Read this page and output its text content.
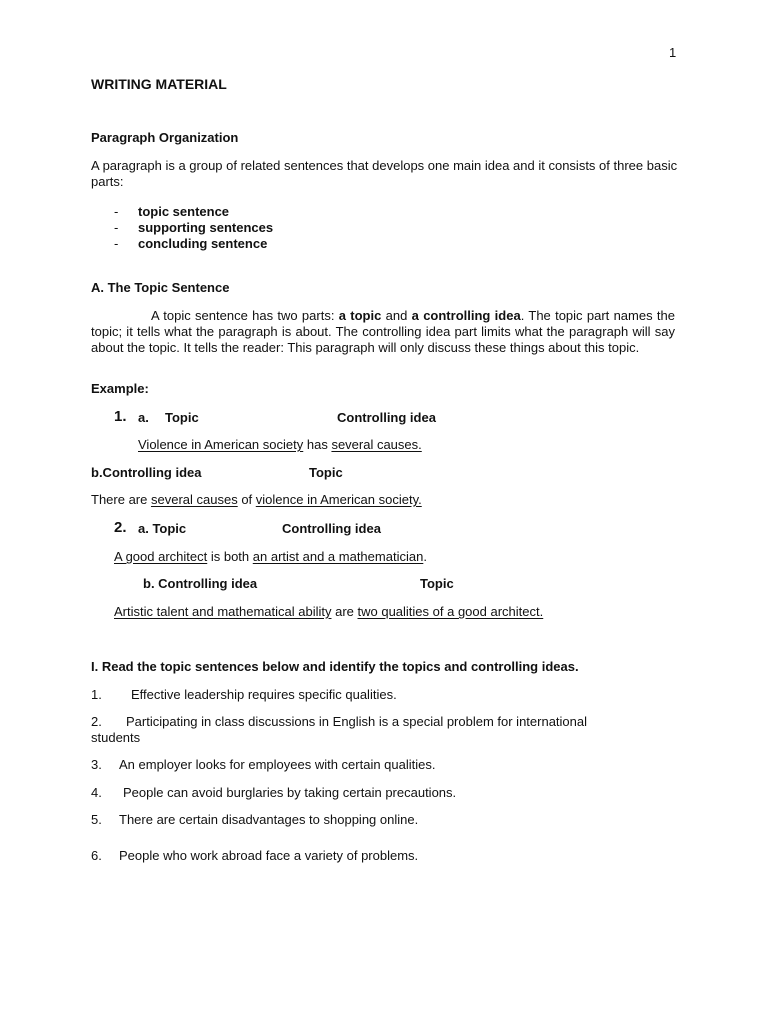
1
WRITING MATERIAL
Paragraph Organization
A paragraph is a group of related sentences that develops one main idea and it consists of three basic parts:
- topic sentence
- supporting sentences
- concluding sentence
A. The Topic Sentence
A topic sentence has two parts: a topic and a controlling idea. The topic part names the topic; it tells what the paragraph is about. The controlling idea part limits what the paragraph will say about the topic. It tells the reader: This paragraph will only discuss these things about this topic.
Example:
1. a. Topic	Controlling idea
Violence in American society has several causes.
b.Controlling idea	Topic
There are several causes of violence in American society.
2. a. Topic	Controlling idea
A good architect is both an artist and a mathematician.
b. Controlling idea	Topic
Artistic talent and mathematical ability are two qualities of a good architect.
I. Read the topic sentences below and identify the topics and controlling ideas.
1. Effective leadership requires specific qualities.
2. Participating in class discussions in English is a special problem for international
students
3. An employer looks for employees with certain qualities.
4. People can avoid burglaries by taking certain precautions.
5. There are certain disadvantages to shopping online.
6. People who work abroad face a variety of problems.
